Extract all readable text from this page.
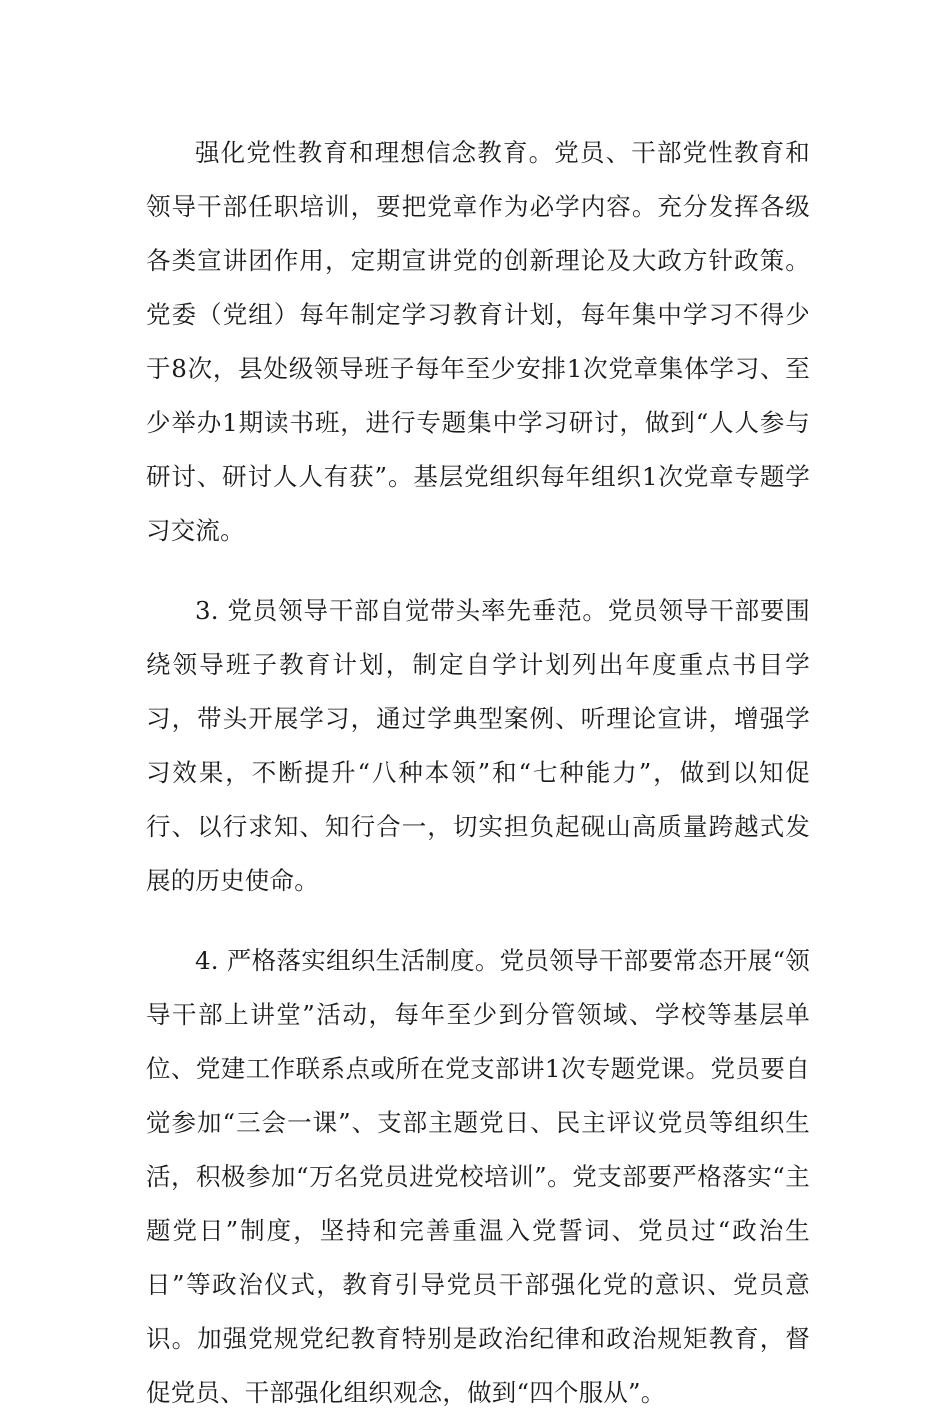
强化党性教育和理想信念教育。党员、干部党性教育和领导干部任职培训，要把党章作为必学内容。充分发挥各级各类宣讲团作用，定期宣讲党的创新理论及大政方针政策。党委（党组）每年制定学习教育计划，每年集中学习不得少于8次，县处级领导班子每年至少安排1次党章集体学习、至少举办1期读书班，进行专题集中学习研讨，做到“人人参与研讨、研讨人人有获”。基层党组织每年组织1次党章专题学习交流。

3. 党员领导干部自觉带头率先垂范。党员领导干部要围绕领导班子教育计划，制定自学计划列出年度重点书目学习，带头开展学习，通过学典型案例、听理论宣讲，增强学习效果，不断提升“八种本领”和“七种能力”，做到以知促行、以行求知、知行合一，切实担负起砚山高质量跨越式发展的历史使命。

4. 严格落实组织生活制度。党员领导干部要常态开展“领导干部上讲堂”活动，每年至少到分管领域、学校等基层单位、党建工作联系点或所在党支部讲1次专题党课。党员要自觉参加“三会一课”、支部主题党日、民主评议党员等组织生活，积极参加“万名党员进党校培训”。党支部要严格落实“主题党日”制度，坚持和完善重温入党誓词、党员过“政治生日”等政治仪式，教育引导党员干部强化党的意识、党员意识。加强党规党纪教育特别是政治纪律和政治规矩教育，督促党员、干部强化组织观念，做到“四个服从”。
